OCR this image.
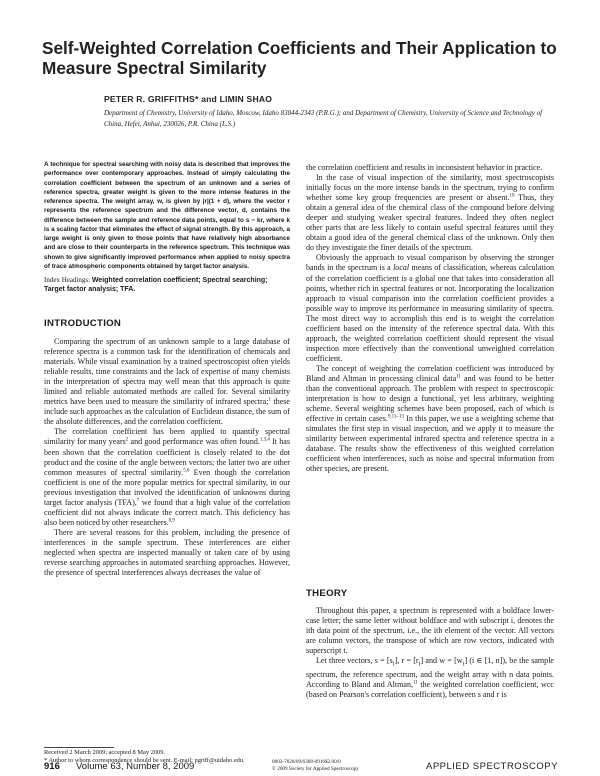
Self-Weighted Correlation Coefficients and Their Application to Measure Spectral Similarity
PETER R. GRIFFITHS* and LIMIN SHAO
Department of Chemistry, University of Idaho, Moscow, Idaho 83844-2343 (P.R.G.); and Department of Chemistry, University of Science and Technology of China, Hefei, Anhui, 230026, P.R. China (L.S.)

A technique for spectral searching with noisy data is described that improves the performance over contemporary approaches. Instead of simply calculating the correlation coefficient between the spectrum of an unknown and a series of reference spectra, greater weight is given to the more intense features in the reference spectra. The weight array, w, is given by |r|(1 + d), where the vector r represents the reference spectrum and the difference vector, d, contains the difference between the sample and reference data points, equal to s − kr, where k is a scaling factor that eliminates the effect of signal strength. By this approach, a large weight is only given to those points that have relatively high absorbance and are close to their counterparts in the reference spectrum. This technique was shown to give significantly improved performance when applied to noisy spectra of trace atmospheric components obtained by target factor analysis.

Index Headings: Weighted correlation coefficient; Spectral searching; Target factor analysis; TFA.
INTRODUCTION

Comparing the spectrum of an unknown sample to a large database of reference spectra is a common task for the identification of chemicals and materials. While visual examination by a trained spectroscopist often yields reliable results, time constraints and the lack of expertise of many chemists in the interpretation of spectra may well mean that this approach is quite limited and reliable automated methods are called for. Several similarity metrics have been used to measure the similarity of infrared spectra;$^1$ these include such approaches as the calculation of Euclidean distance, the sum of the absolute differences, and the correlation coefficient.

The correlation coefficient has been applied to quantify spectral similarity for many years$^2$ and good performance was often found.$^{1,3,4}$ It has been shown that the correlation coefficient is closely related to the dot product and the cosine of the angle between vectors; the latter two are other common measures of spectral similarity.$^{5,6}$ Even though the correlation coefficient is one of the more popular metrics for spectral similarity, in our previous investigation that involved the identification of unknowns during target factor analysis (TFA),$^7$ we found that a high value of the correlation coefficient did not always indicate the correct match. This deficiency has also been noticed by other researchers.$^{8,9}$

There are several reasons for this problem, including the presence of interferences in the sample spectrum. These interferences are either neglected when spectra are inspected manually or taken care of by using reverse searching approaches in automated searching approaches. However, the presence of spectral interferences always decreases the value of

the correlation coefficient and results in inconsistent behavior in practice.

In the case of visual inspection of the similarity, most spectroscopists initially focus on the more intense bands in the spectrum, trying to confirm whether some key group frequencies are present or absent.$^{10}$ Thus, they obtain a general idea of the chemical class of the compound before delving deeper and studying weaker spectral features. Indeed they often neglect other parts that are less likely to contain useful spectral features until they obtain a good idea of the general chemical class of the unknown. Only then do they investigate the finer details of the spectrum.

Obviously the approach to visual comparison by observing the stronger bands in the spectrum is a local means of classification, whereas calculation of the correlation coefficient is a global one that takes into consideration all points, whether rich in spectral features or not. Incorporating the localization approach to visual comparison into the correlation coefficient provides a possible way to improve its performance in measuring similarity of spectra. The most direct way to accomplish this end is to weight the correlation coefficient based on the intensity of the reference spectral data. With this approach, the weighted correlation coefficient should represent the visual inspection more effectively than the conventional unweighted correlation coefficient.

The concept of weighting the correlation coefficient was introduced by Bland and Altman in processing clinical data$^{11}$ and was found to be better than the conventional approach. The problem with respect to spectroscopic interpretation is how to design a functional, yet less arbitrary, weighting scheme. Several weighting schemes have been proposed, each of which is effective in certain cases.$^{9,11-13}$ In this paper, we use a weighting scheme that simulates the first step in visual inspection, and we apply it to measure the similarity between experimental infrared spectra and reference spectra in a database. The results show the effectiveness of this weighted correlation coefficient when interferences, such as noise and spectral information from other species, are present.

THEORY

Throughout this paper, a spectrum is represented with a boldface lower-case letter; the same letter without boldface and with subscript i, denotes the ith data point of the spectrum, i.e., the ith element of the vector. All vectors are column vectors, the transpose of which are row vectors, indicated with superscript t.

Let three vectors, $s = [s_i]$, $r = [r_i]$ and $w = [w_i]$ (i ∈ [1, n]), be the sample spectrum, the reference spectrum, and the weight array with n data points. According to Bland and Altman,$^{11}$ the weighted correlation coefficient, wcc (based on Pearson's correlation coefficient), between s and r is

Received 2 March 2009; accepted 8 May 2009.

* Author to whom correspondence should be sent. E-mail: pgriff@uidaho.edu.

916 Volume 63, Number 8, 2009	0003-7028/09/6308-0916$2.00/0
© 2009 Society for Applied Spectroscopy	APPLIED SPECTROSCOPY
